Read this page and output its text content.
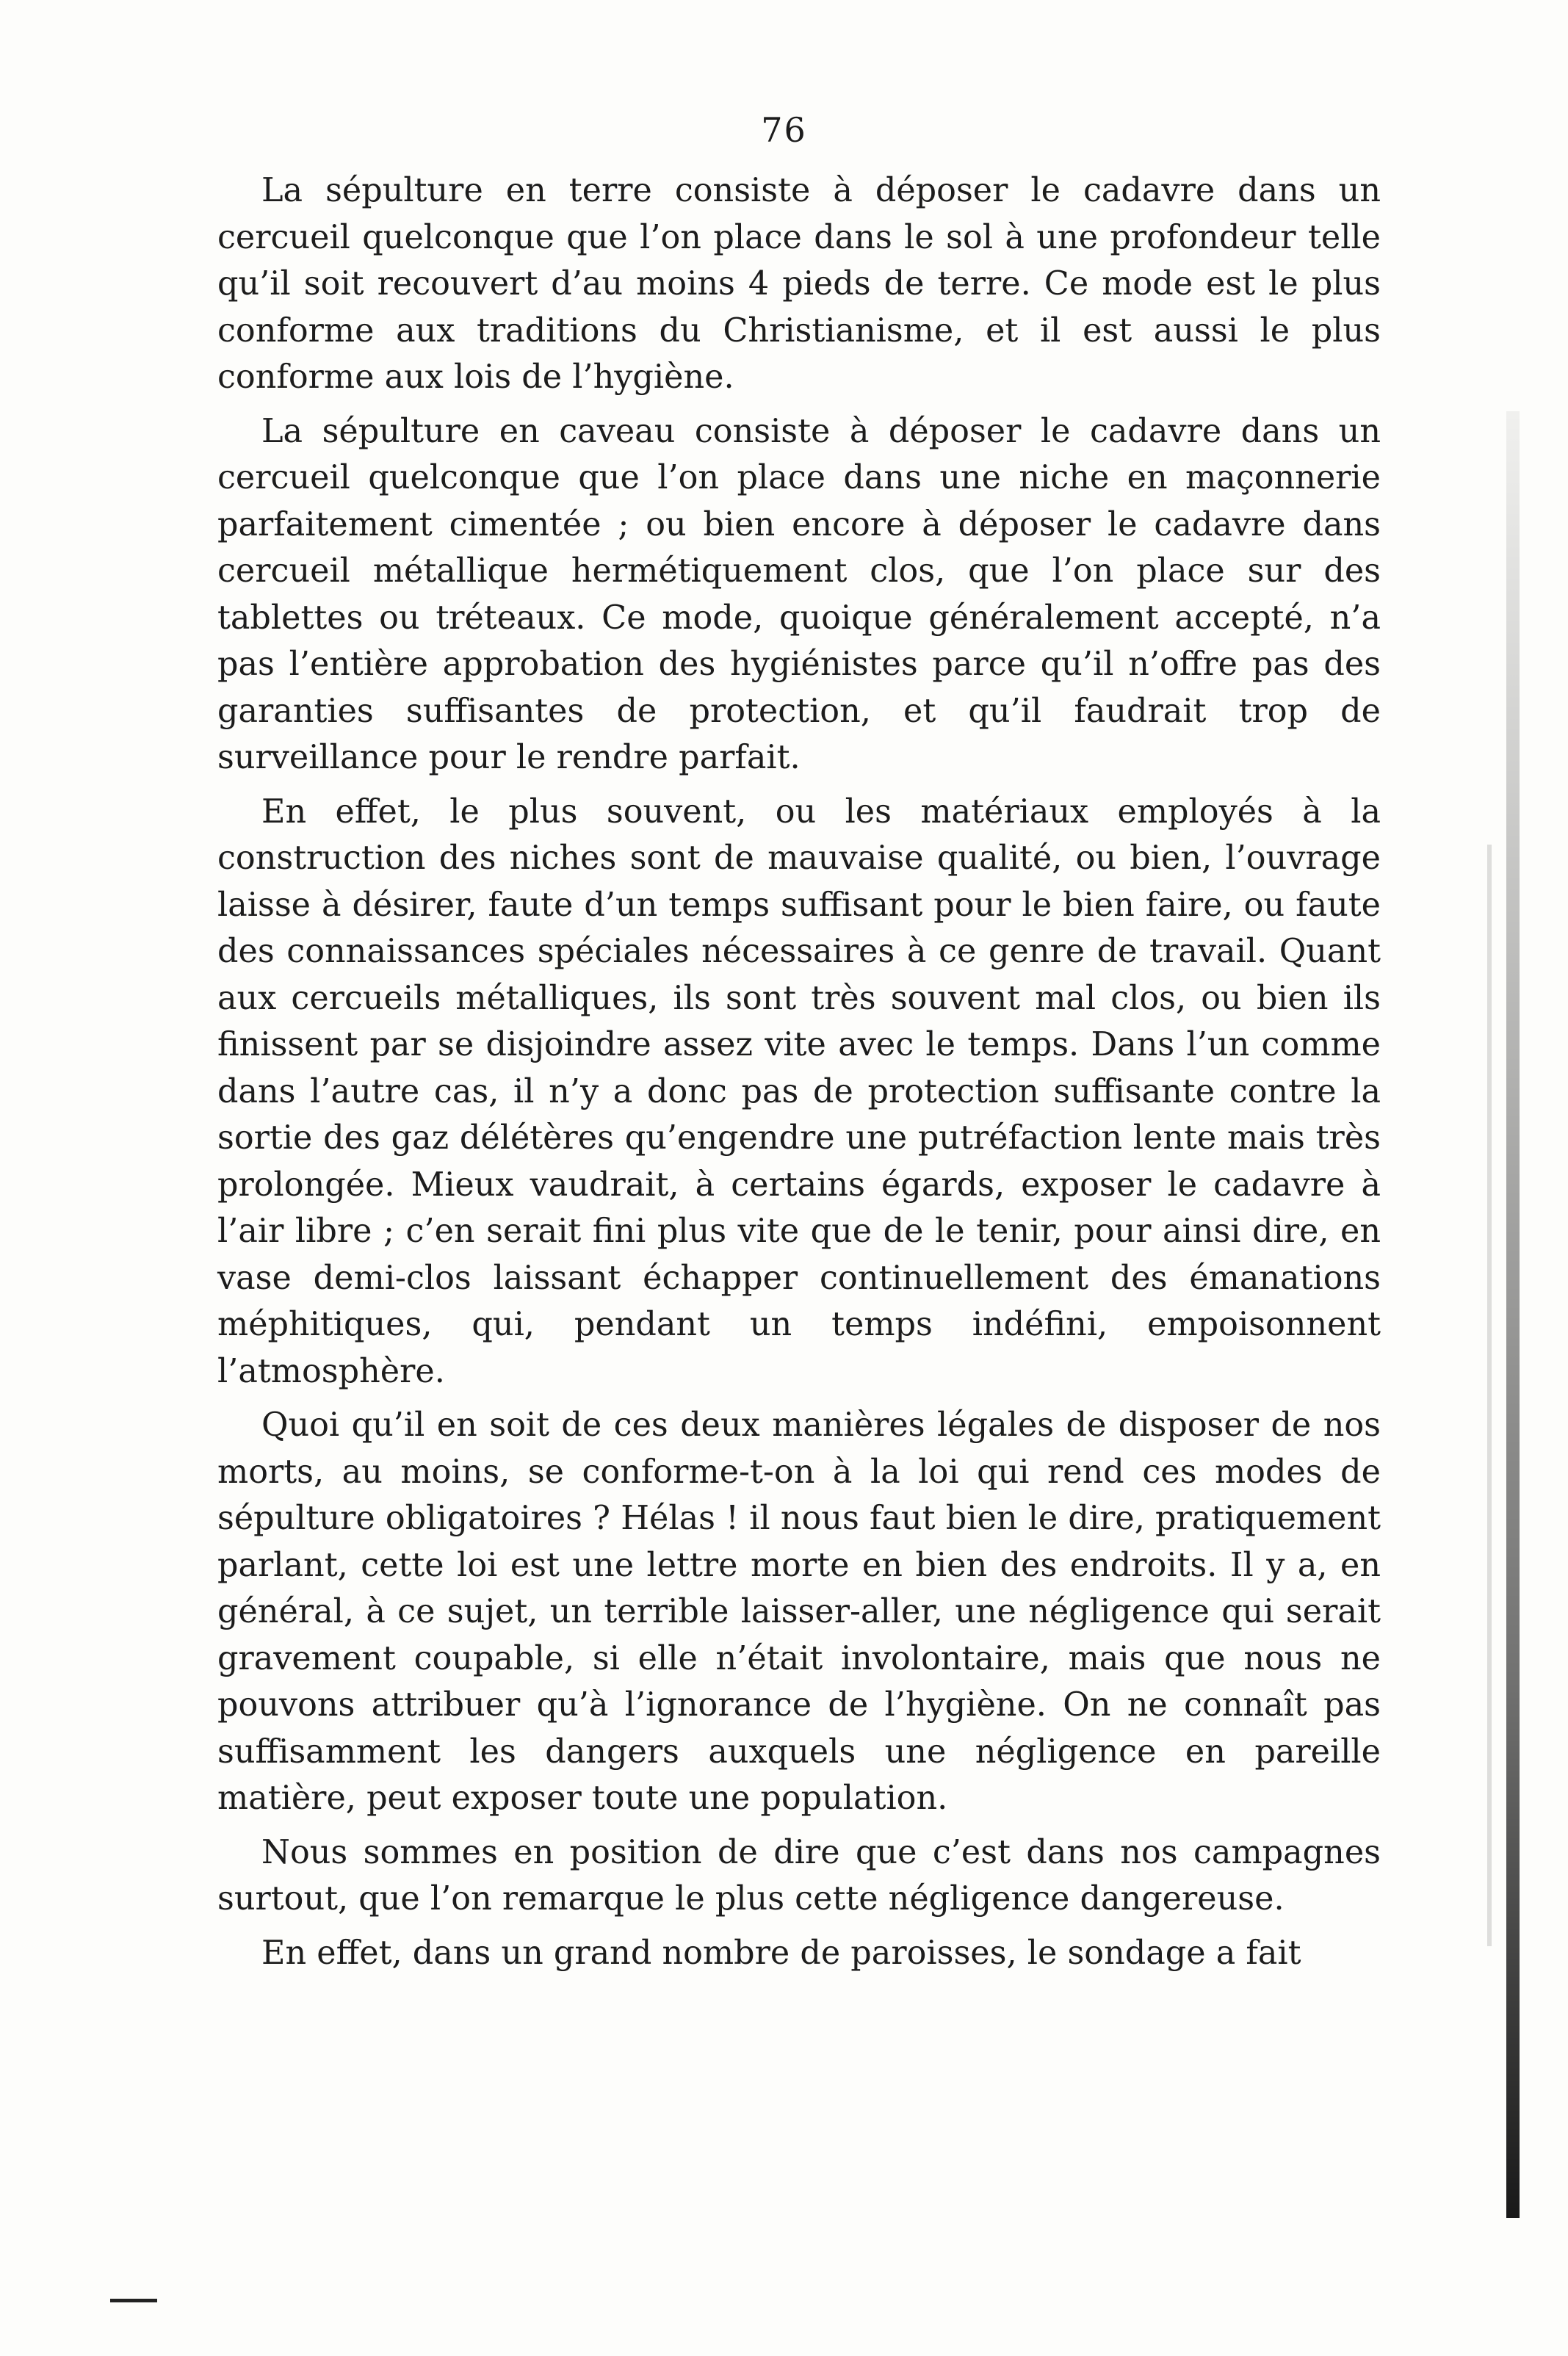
76

La sépulture en terre consiste à déposer le cadavre dans un cercueil quelconque que l’on place dans le sol à une profondeur telle qu’il soit recouvert d’au moins 4 pieds de terre. Ce mode est le plus conforme aux traditions du Christianisme, et il est aussi le plus conforme aux lois de l’hygiène.

La sépulture en caveau consiste à déposer le cadavre dans un cercueil quelconque que l’on place dans une niche en maçonnerie parfaitement cimentée ; ou bien encore à déposer le cadavre dans cercueil métallique hermétiquement clos, que l’on place sur des tablettes ou tréteaux. Ce mode, quoique généralement accepté, n’a pas l’entière approbation des hygiénistes parce qu’il n’offre pas des garanties suffisantes de protection, et qu’il faudrait trop de surveillance pour le rendre parfait.

En effet, le plus souvent, ou les matériaux employés à la construction des niches sont de mauvaise qualité, ou bien, l’ouvrage laisse à désirer, faute d’un temps suffisant pour le bien faire, ou faute des connaissances spéciales nécessaires à ce genre de travail. Quant aux cercueils métalliques, ils sont très souvent mal clos, ou bien ils finissent par se disjoindre assez vite avec le temps. Dans l’un comme dans l’autre cas, il n’y a donc pas de protection suffisante contre la sortie des gaz délétères qu’engendre une putréfaction lente mais très prolongée. Mieux vaudrait, à certains égards, exposer le cadavre à l’air libre ; c’en serait fini plus vite que de le tenir, pour ainsi dire, en vase demi-clos laissant échapper continuellement des émanations méphitiques, qui, pendant un temps indéfini, empoisonnent l’atmosphère.

Quoi qu’il en soit de ces deux manières légales de disposer de nos morts, au moins, se conforme-t-on à la loi qui rend ces modes de sépulture obligatoires ? Hélas ! il nous faut bien le dire, pratiquement parlant, cette loi est une lettre morte en bien des endroits. Il y a, en général, à ce sujet, un terrible laisser-aller, une négligence qui serait gravement coupable, si elle n’était involontaire, mais que nous ne pouvons attribuer qu’à l’ignorance de l’hygiène. On ne connaît pas suffisamment les dangers auxquels une négligence en pareille matière, peut exposer toute une population.

Nous sommes en position de dire que c’est dans nos campagnes surtout, que l’on remarque le plus cette négligence dangereuse.

En effet, dans un grand nombre de paroisses, le sondage a fait
